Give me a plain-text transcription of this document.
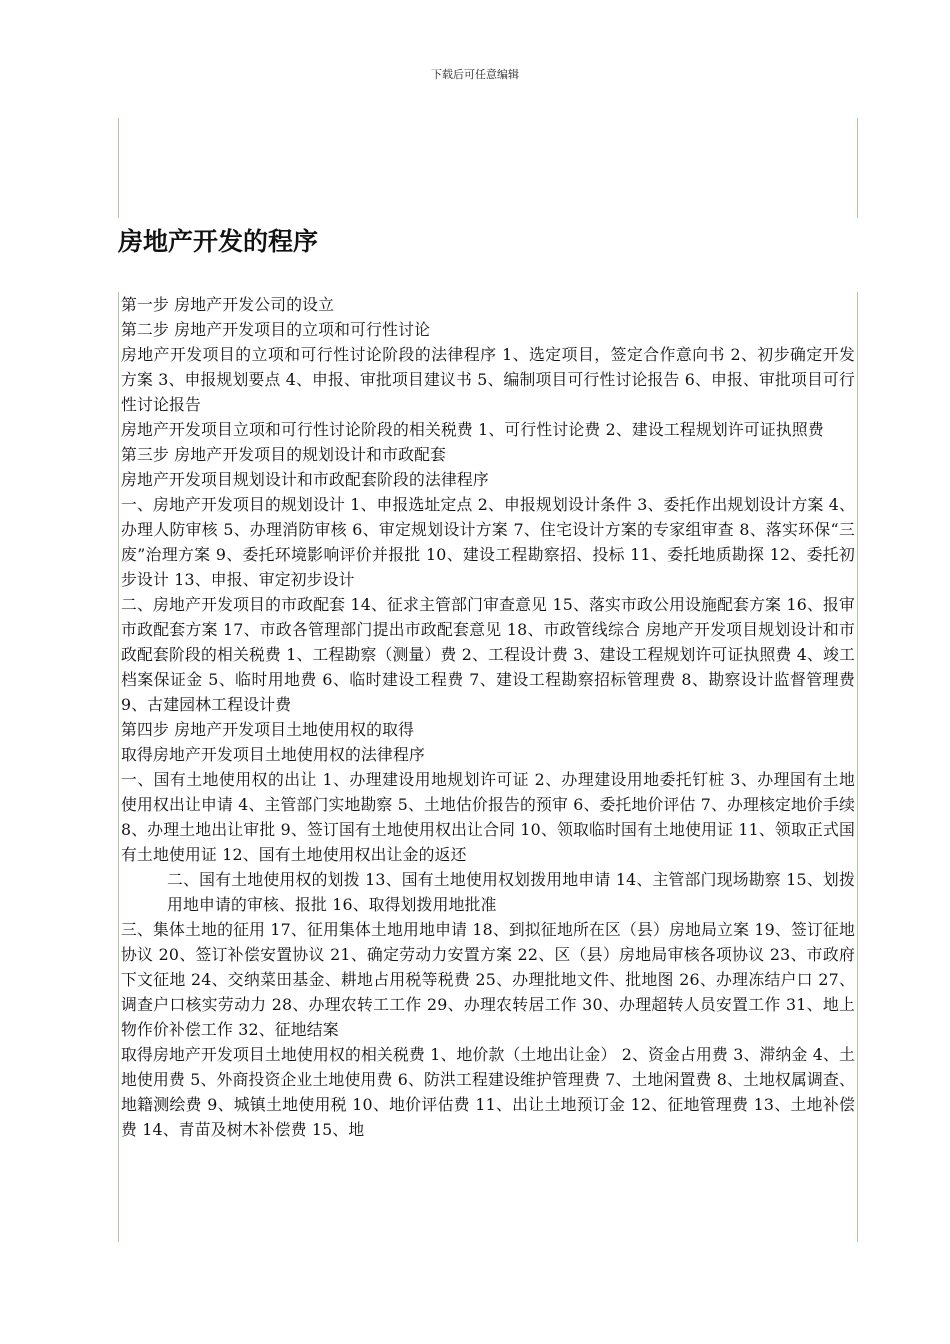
下载后可任意编辑
房地产开发的程序

第一步 房地产开发公司的设立

第二步 房地产开发项目的立项和可行性讨论

房地产开发项目的立项和可行性讨论阶段的法律程序 1、选定项目，签定合作意向书 2、初步确定开发方案 3、申报规划要点 4、申报、审批项目建议书 5、编制项目可行性讨论报告 6、申报、审批项目可行性讨论报告

房地产开发项目立项和可行性讨论阶段的相关税费 1、可行性讨论费 2、建设工程规划许可证执照费

第三步 房地产开发项目的规划设计和市政配套

房地产开发项目规划设计和市政配套阶段的法律程序

一、房地产开发项目的规划设计 1、申报选址定点 2、申报规划设计条件 3、委托作出规划设计方案 4、办理人防审核 5、办理消防审核 6、审定规划设计方案 7、住宅设计方案的专家组审查 8、落实环保“三废”治理方案 9、委托环境影响评价并报批 10、建设工程勘察招、投标 11、委托地质勘探 12、委托初步设计 13、申报、审定初步设计

二、房地产开发项目的市政配套 14、征求主管部门审查意见 15、落实市政公用设施配套方案 16、报审市政配套方案 17、市政各管理部门提出市政配套意见 18、市政管线综合 房地产开发项目规划设计和市政配套阶段的相关税费 1、工程勘察（测量）费 2、工程设计费 3、建设工程规划许可证执照费 4、竣工档案保证金 5、临时用地费 6、临时建设工程费 7、建设工程勘察招标管理费 8、勘察设计监督管理费 9、古建园林工程设计费

第四步 房地产开发项目土地使用权的取得

取得房地产开发项目土地使用权的法律程序

一、国有土地使用权的出让 1、办理建设用地规划许可证 2、办理建设用地委托钉桩 3、办理国有土地使用权出让申请 4、主管部门实地勘察 5、土地估价报告的预审 6、委托地价评估 7、办理核定地价手续 8、办理土地出让审批 9、签订国有土地使用权出让合同 10、领取临时国有土地使用证 11、领取正式国有土地使用证 12、国有土地使用权出让金的返还

二、国有土地使用权的划拨 13、国有土地使用权划拨用地申请 14、主管部门现场勘察 15、划拨用地申请的审核、报批 16、取得划拨用地批准

三、集体土地的征用 17、征用集体土地用地申请 18、到拟征地所在区（县）房地局立案 19、签订征地协议 20、签订补偿安置协议 21、确定劳动力安置方案 22、区（县）房地局审核各项协议 23、市政府下文征地 24、交纳菜田基金、耕地占用税等税费 25、办理批地文件、批地图 26、办理冻结户口 27、调查户口核实劳动力 28、办理农转工工作 29、办理农转居工作 30、办理超转人员安置工作 31、地上物作价补偿工作 32、征地结案

取得房地产开发项目土地使用权的相关税费 1、地价款（土地出让金） 2、资金占用费 3、滞纳金 4、土地使用费 5、外商投资企业土地使用费 6、防洪工程建设维护管理费 7、土地闲置费 8、土地权属调查、地籍测绘费 9、城镇土地使用税 10、地价评估费 11、出让土地预订金 12、征地管理费 13、土地补偿费 14、青苗及树木补偿费 15、地
